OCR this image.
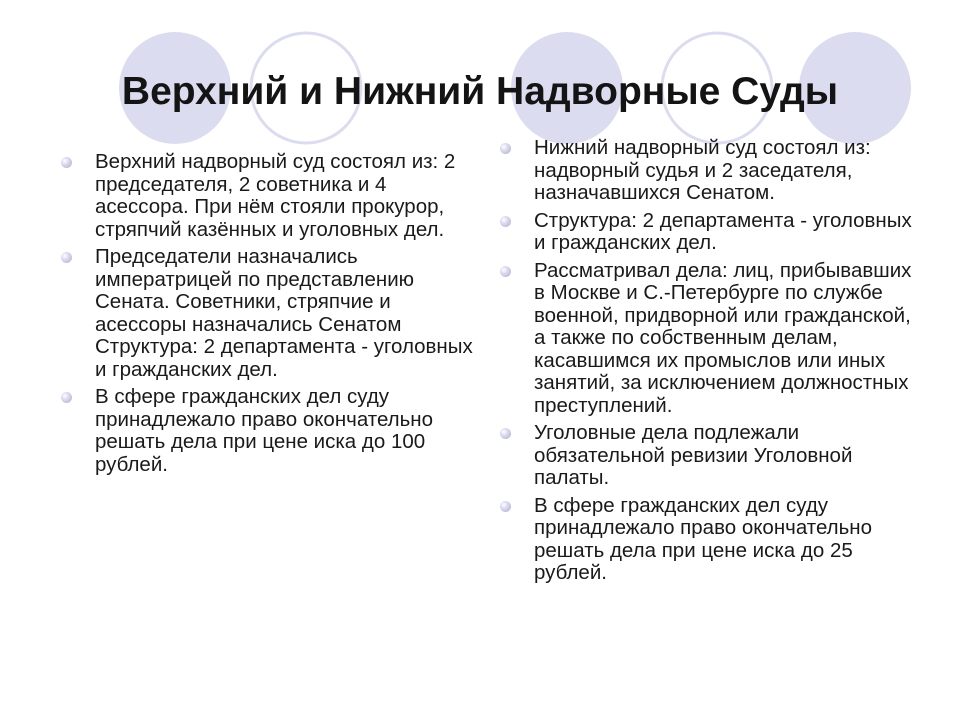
Верхний и Нижний Надворные Суды
Верхний надворный суд состоял из: 2 председателя, 2 советника и 4 асессора. При нём стояли прокурор, стряпчий казённых и уголовных дел.
Председатели назначались императрицей по представлению Сената. Советники, стряпчие и асессоры назначались Сенатом Структура: 2 департамента - уголовных и гражданских дел.
В сфере гражданских дел суду принадлежало право окончательно решать дела при цене иска до 100 рублей.
Нижний надворный суд состоял из: надворный судья и 2 заседателя, назначавшихся Сенатом.
Структура: 2 департамента - уголовных и гражданских дел.
Рассматривал дела: лиц, прибывавших в Москве и С.-Петербурге по службе военной, придворной или гражданской, а также по собственным делам, касавшимся их промыслов или иных занятий, за исключением должностных преступлений.
Уголовные дела подлежали обязательной ревизии Уголовной палаты.
В сфере гражданских дел суду принадлежало право окончательно решать дела при цене иска до 25 рублей.
